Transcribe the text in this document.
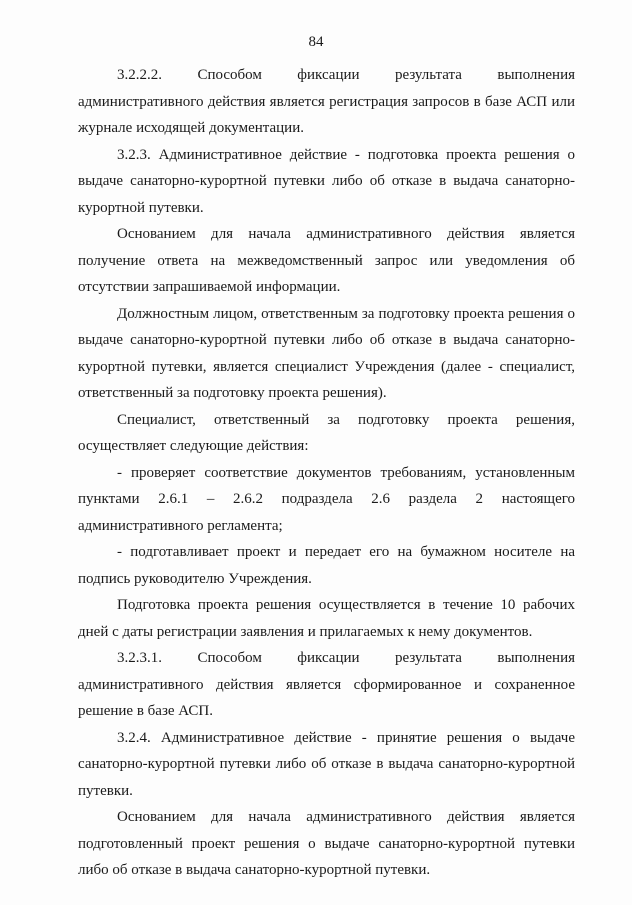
84

3.2.2.2. Способом фиксации результата выполнения административного действия является регистрация запросов в базе АСП или журнале исходящей документации.

3.2.3. Административное действие - подготовка проекта решения о выдаче санаторно-курортной путевки либо об отказе в выдача санаторно-курортной путевки.

Основанием для начала административного действия является получение ответа на межведомственный запрос или уведомления об отсутствии запрашиваемой информации.

Должностным лицом, ответственным за подготовку проекта решения о выдаче санаторно-курортной путевки либо об отказе в выдача санаторно-курортной путевки, является специалист Учреждения (далее - специалист, ответственный за подготовку проекта решения).

Специалист, ответственный за подготовку проекта решения, осуществляет следующие действия:

- проверяет соответствие документов требованиям, установленным пунктами 2.6.1 – 2.6.2 подраздела 2.6 раздела 2 настоящего административного регламента;

- подготавливает проект и передает его на бумажном носителе на подпись руководителю Учреждения.

Подготовка проекта решения осуществляется в течение 10 рабочих дней с даты регистрации заявления и прилагаемых к нему документов.

3.2.3.1. Способом фиксации результата выполнения административного действия является сформированное и сохраненное решение в базе АСП.

3.2.4. Административное действие - принятие решения о выдаче санаторно-курортной путевки либо об отказе в выдача санаторно-курортной путевки.

Основанием для начала административного действия является подготовленный проект решения о выдаче санаторно-курортной путевки либо об отказе в выдача санаторно-курортной путевки.
